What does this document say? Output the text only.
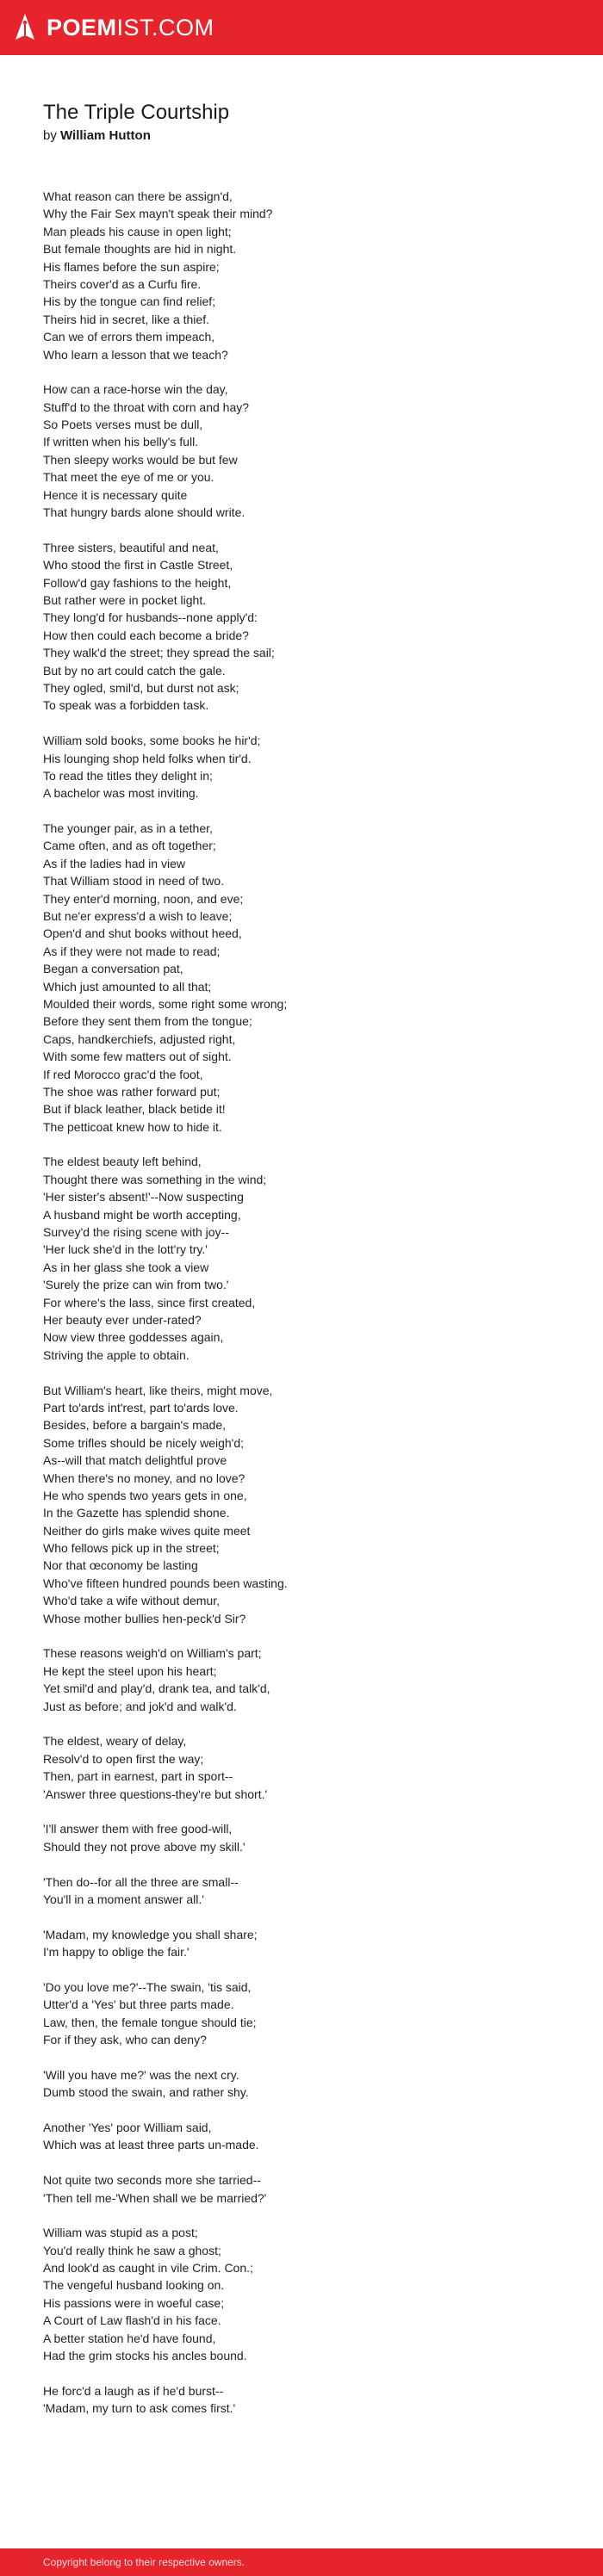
POEMIST.COM
The Triple Courtship
by William Hutton
What reason can there be assign'd,
Why the Fair Sex mayn't speak their mind?
Man pleads his cause in open light;
But female thoughts are hid in night.
His flames before the sun aspire;
Theirs cover'd as a Curfu fire.
His by the tongue can find relief;
Theirs hid in secret, like a thief.
Can we of errors them impeach,
Who learn a lesson that we teach?
How can a race-horse win the day,
Stuff'd to the throat with corn and hay?
So Poets verses must be dull,
If written when his belly's full.
Then sleepy works would be but few
That meet the eye of me or you.
Hence it is necessary quite
That hungry bards alone should write.
Three sisters, beautiful and neat,
Who stood the first in Castle Street,
Follow'd gay fashions to the height,
But rather were in pocket light.
They long'd for husbands--none apply'd:
How then could each become a bride?
They walk'd the street; they spread the sail;
But by no art could catch the gale.
They ogled, smil'd, but durst not ask;
To speak was a forbidden task.
William sold books, some books he hir'd;
His lounging shop held folks when tir'd.
To read the titles they delight in;
A bachelor was most inviting.
The younger pair, as in a tether,
Came often, and as oft together;
As if the ladies had in view
That William stood in need of two.
They enter'd morning, noon, and eve;
But ne'er express'd a wish to leave;
Open'd and shut books without heed,
As if they were not made to read;
Began a conversation pat,
Which just amounted to all that;
Moulded their words, some right some wrong;
Before they sent them from the tongue;
Caps, handkerchiefs, adjusted right,
With some few matters out of sight.
If red Morocco grac'd the foot,
The shoe was rather forward put;
But if black leather, black betide it!
The petticoat knew how to hide it.
The eldest beauty left behind,
Thought there was something in the wind;
'Her sister's absent!'--Now suspecting
A husband might be worth accepting,
Survey'd the rising scene with joy--
'Her luck she'd in the lott'ry try.'
As in her glass she took a view
'Surely the prize can win from two.'
For where's the lass, since first created,
Her beauty ever under-rated?
Now view three goddesses again,
Striving the apple to obtain.
But William's heart, like theirs, might move,
Part to'ards int'rest, part to'ards love.
Besides, before a bargain's made,
Some trifles should be nicely weigh'd;
As--will that match delightful prove
When there's no money, and no love?
He who spends two years gets in one,
In the Gazette has splendid shone.
Neither do girls make wives quite meet
Who fellows pick up in the street;
Nor that œconomy be lasting
Who've fifteen hundred pounds been wasting.
Who'd take a wife without demur,
Whose mother bullies hen-peck'd Sir?
These reasons weigh'd on William's part;
He kept the steel upon his heart;
Yet smil'd and play'd, drank tea, and talk'd,
Just as before; and jok'd and walk'd.
The eldest, weary of delay,
Resolv'd to open first the way;
Then, part in earnest, part in sport--
'Answer three questions-they're but short.'
'I'll answer them with free good-will,
Should they not prove above my skill.'
'Then do--for all the three are small--
You'll in a moment answer all.'
'Madam, my knowledge you shall share;
I'm happy to oblige the fair.'
'Do you love me?'--The swain, 'tis said,
Utter'd a 'Yes' but three parts made.
Law, then, the female tongue should tie;
For if they ask, who can deny?
'Will you have me?' was the next cry.
Dumb stood the swain, and rather shy.
Another 'Yes' poor William said,
Which was at least three parts un-made.
Not quite two seconds more she tarried--
'Then tell me-'When shall we be married?'
William was stupid as a post;
You'd really think he saw a ghost;
And look'd as caught in vile Crim. Con.;
The vengeful husband looking on.
His passions were in woeful case;
A Court of Law flash'd in his face.
A better station he'd have found,
Had the grim stocks his ancles bound.
He forc'd a laugh as if he'd burst--
'Madam, my turn to ask comes first.'
Copyright belong to their respective owners.
